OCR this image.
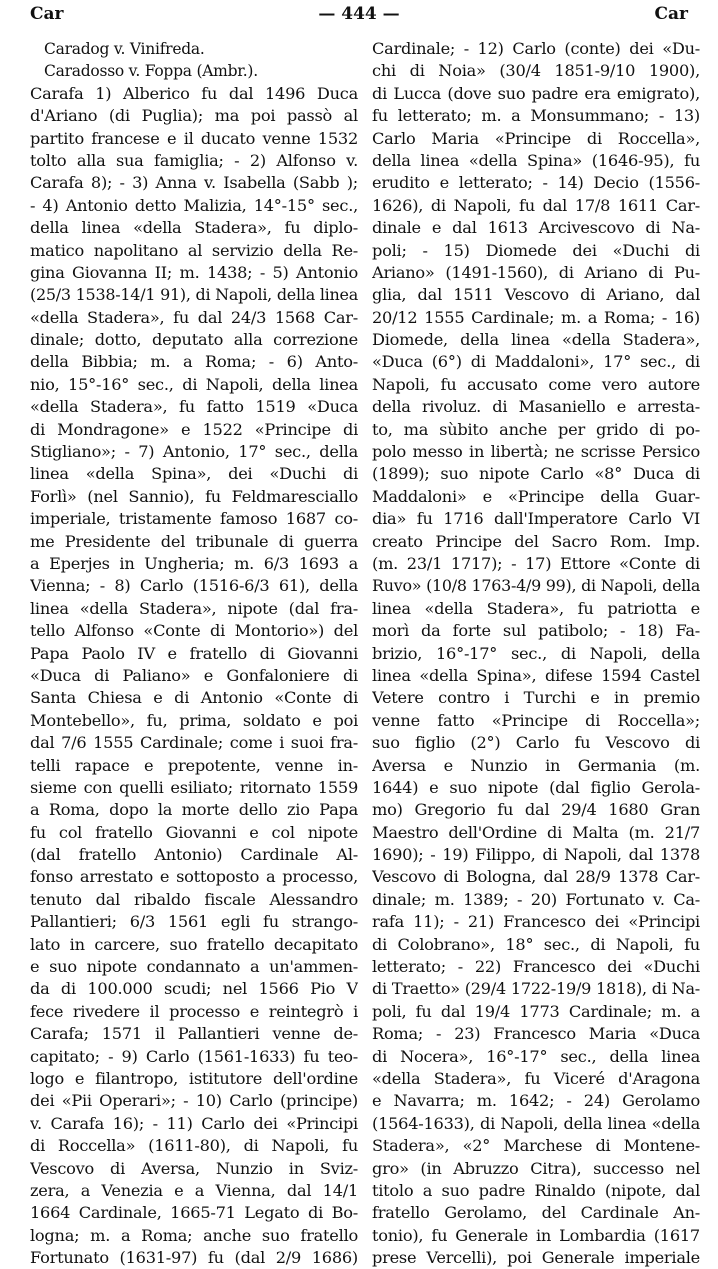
Car	— 444 —	Car
Caradog v. Vinifreda.
Caradosso v. Foppa (Ambr.).
Carafa 1) Alberico fu dal 1496 Duca
d'Ariano (di Puglia); ma poi passò al
partito francese e il ducato venne 1532
tolto alla sua famiglia; - 2) Alfonso v.
Carafa 8); - 3) Anna v. Isabella (Sabb );
- 4) Antonio detto Malizia, 14°-15° sec.,
della linea «della Stadera», fu diplo-
matico napolitano al servizio della Re-
gina Giovanna II; m. 1438; - 5) Antonio
(25/3 1538-14/1 91), di Napoli, della linea
«della Stadera», fu dal 24/3 1568 Car-
dinale; dotto, deputato alla correzione
della Bibbia; m. a Roma; - 6) Anto-
nio, 15°-16° sec., di Napoli, della linea
«della Stadera», fu fatto 1519 «Duca
di Mondragone» e 1522 «Principe di
Stigliano»; - 7) Antonio, 17° sec., della
linea «della Spina», dei «Duchi di
Forlì» (nel Sannio), fu Feldmaresciallo
imperiale, tristamente famoso 1687 co-
me Presidente del tribunale di guerra
a Eperjes in Ungheria; m. 6/3 1693 a
Vienna; - 8) Carlo (1516-6/3 61), della
linea «della Stadera», nipote (dal fra-
tello Alfonso «Conte di Montorio») del
Papa Paolo IV e fratello di Giovanni
«Duca di Paliano» e Gonfaloniere di
Santa Chiesa e di Antonio «Conte di
Montebello», fu, prima, soldato e poi
dal 7/6 1555 Cardinale; come i suoi fra-
telli rapace e prepotente, venne in-
sieme con quelli esiliato; ritornato 1559
a Roma, dopo la morte dello zio Papa
fu col fratello Giovanni e col nipote
(dal fratello Antonio) Cardinale Al-
fonso arrestato e sottoposto a processo,
tenuto dal ribaldo fiscale Alessandro
Pallantieri; 6/3 1561 egli fu strango-
lato in carcere, suo fratello decapitato
e suo nipote condannato a un'ammen-
da di 100.000 scudi; nel 1566 Pio V
fece rivedere il processo e reintegrò i
Carafa; 1571 il Pallantieri venne de-
capitato; - 9) Carlo (1561-1633) fu teo-
logo e filantropo, istitutore dell'ordine
dei «Pii Operari»; - 10) Carlo (principe)
v. Carafa 16); - 11) Carlo dei «Principi
di Roccella» (1611-80), di Napoli, fu
Vescovo di Aversa, Nunzio in Sviz-
zera, a Venezia e a Vienna, dal 14/1
1664 Cardinale, 1665-71 Legato di Bo-
logna; m. a Roma; anche suo fratello
Fortunato (1631-97) fu (dal 2/9 1686)
Cardinale; - 12) Carlo (conte) dei «Du-
chi di Noia» (30/4 1851-9/10 1900),
di Lucca (dove suo padre era emigrato),
fu letterato; m. a Monsummano; - 13)
Carlo Maria «Principe di Roccella»,
della linea «della Spina» (1646-95), fu
erudito e letterato; - 14) Decio (1556-
1626), di Napoli, fu dal 17/8 1611 Car-
dinale e dal 1613 Arcivescovo di Na-
poli; - 15) Diomede dei «Duchi di
Ariano» (1491-1560), di Ariano di Pu-
glia, dal 1511 Vescovo di Ariano, dal
20/12 1555 Cardinale; m. a Roma; - 16)
Diomede, della linea «della Stadera»,
«Duca (6°) di Maddaloni», 17° sec., di
Napoli, fu accusato come vero autore
della rivoluz. di Masaniello e arresta-
to, ma sùbito anche per grido di po-
polo messo in libertà; ne scrisse Persico
(1899); suo nipote Carlo «8° Duca di
Maddaloni» e «Principe della Guar-
dia» fu 1716 dall'Imperatore Carlo VI
creato Principe del Sacro Rom. Imp.
(m. 23/1 1717); - 17) Ettore «Conte di
Ruvo» (10/8 1763-4/9 99), di Napoli, della
linea «della Stadera», fu patriotta e
morì da forte sul patibolo; - 18) Fa-
brizio, 16°-17° sec., di Napoli, della
linea «della Spina», difese 1594 Castel
Vetere contro i Turchi e in premio
venne fatto «Principe di Roccella»;
suo figlio (2°) Carlo fu Vescovo di
Aversa e Nunzio in Germania (m.
1644) e suo nipote (dal figlio Gerola-
mo) Gregorio fu dal 29/4 1680 Gran
Maestro dell'Ordine di Malta (m. 21/7
1690); - 19) Filippo, di Napoli, dal 1378
Vescovo di Bologna, dal 28/9 1378 Car-
dinale; m. 1389; - 20) Fortunato v. Ca-
rafa 11); - 21) Francesco dei «Principi
di Colobrano», 18° sec., di Napoli, fu
letterato; - 22) Francesco dei «Duchi
di Traetto» (29/4 1722-19/9 1818), di Na-
poli, fu dal 19/4 1773 Cardinale; m. a
Roma; - 23) Francesco Maria «Duca
di Nocera», 16°-17° sec., della linea
«della Stadera», fu Viceré d'Aragona
e Navarra; m. 1642; - 24) Gerolamo
(1564-1633), di Napoli, della linea «della
Stadera», «2° Marchese di Montene-
gro» (in Abruzzo Citra), successo nel
titolo a suo padre Rinaldo (nipote, dal
fratello Gerolamo, del Cardinale An-
tonio), fu Generale in Lombardia (1617
prese Vercelli), poi Generale imperiale
